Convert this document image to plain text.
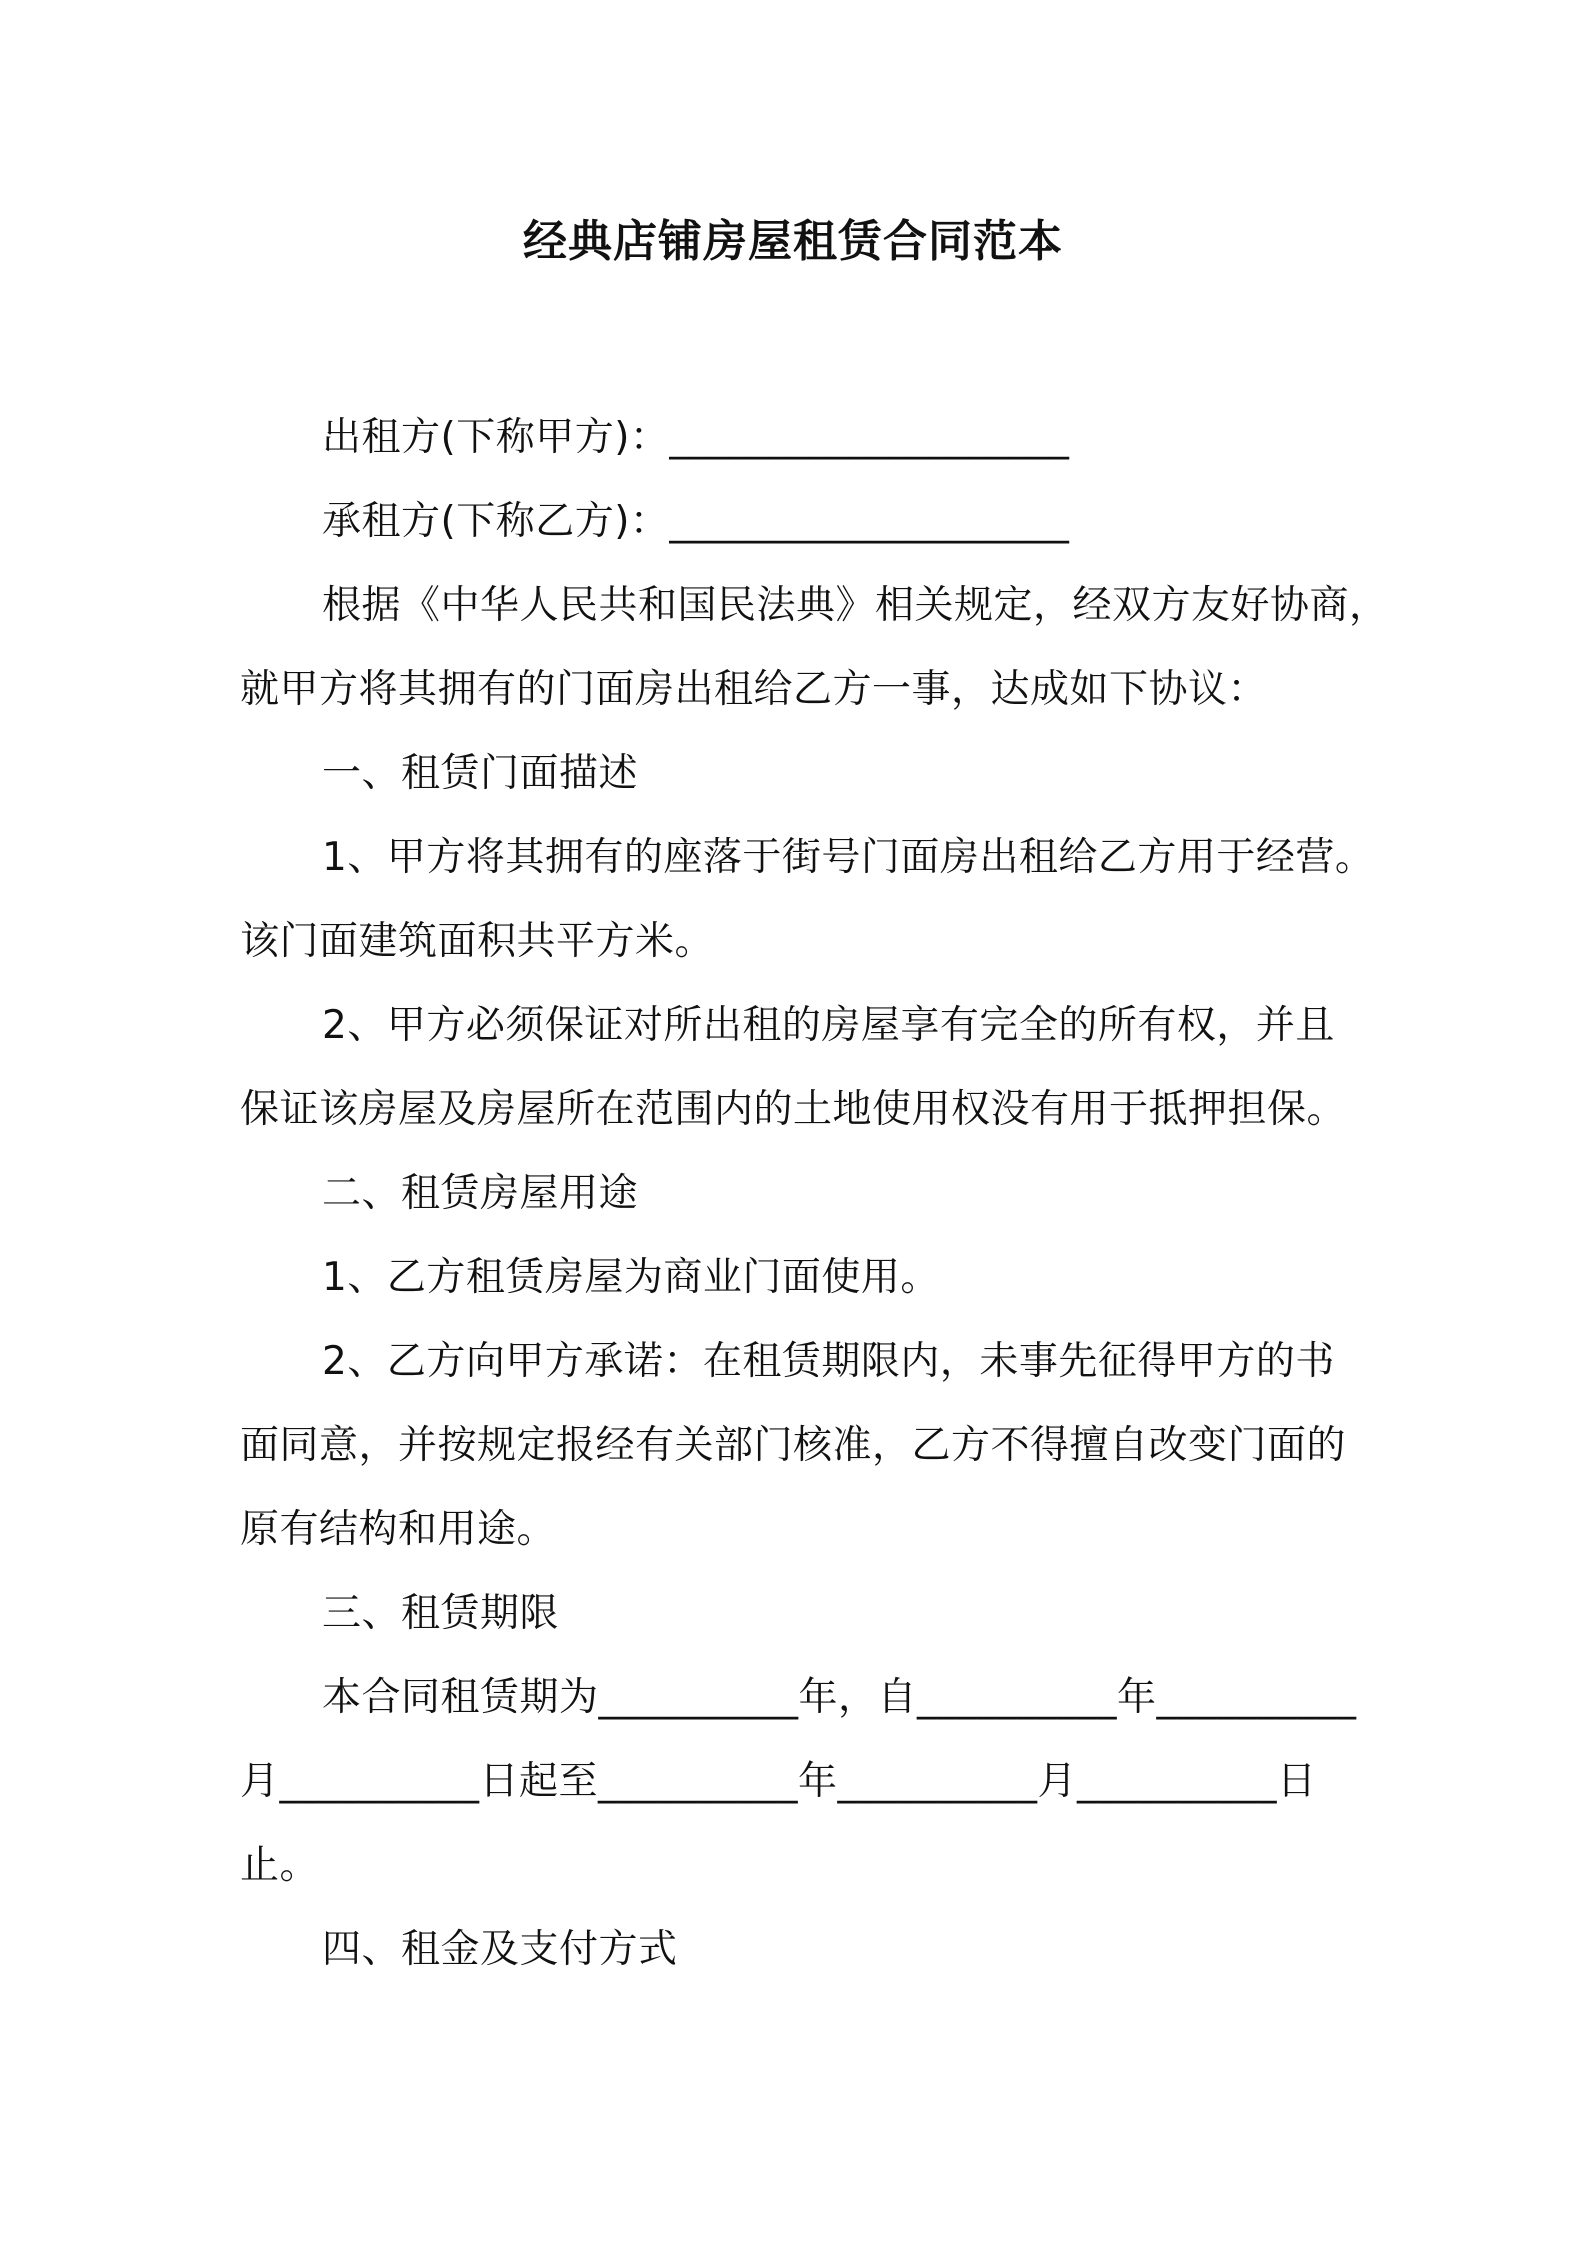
经典店铺房屋租赁合同范本
出租方(下称甲方)：____________________
承租方(下称乙方)：____________________
根据《中华人民共和国民法典》相关规定，经双方友好协商，
就甲方将其拥有的门面房出租给乙方一事，达成如下协议：
一、租赁门面描述
1、甲方将其拥有的座落于街号门面房出租给乙方用于经营。
该门面建筑面积共平方米。
2、甲方必须保证对所出租的房屋享有完全的所有权，并且
保证该房屋及房屋所在范围内的土地使用权没有用于抵押担保。
二、租赁房屋用途
1、乙方租赁房屋为商业门面使用。
2、乙方向甲方承诺：在租赁期限内，未事先征得甲方的书
面同意，并按规定报经有关部门核准，乙方不得擅自改变门面的
原有结构和用途。
三、租赁期限
本合同租赁期为__________年，自__________年__________
月__________日起至__________年__________月__________日
止。
四、租金及支付方式
